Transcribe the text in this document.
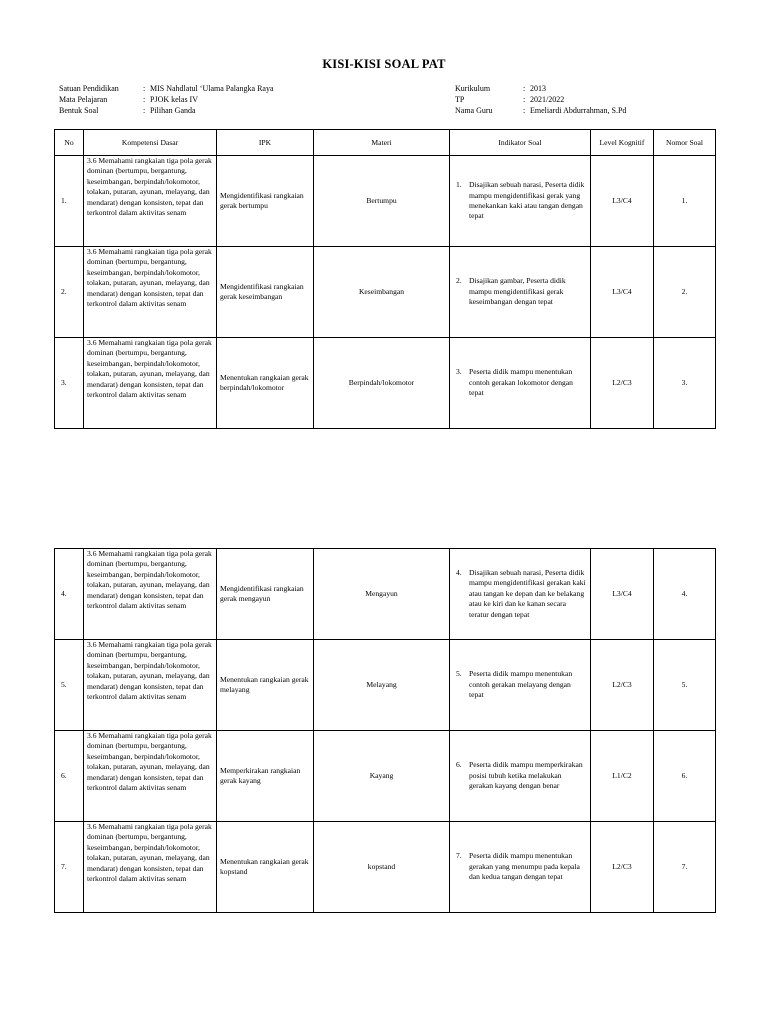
KISI-KISI SOAL PAT
Satuan Pendidikan	: MIS Nahdlatul ‘Ulama Palangka Raya
Mata Pelajaran	: PJOK kelas IV
Bentuk Soal	: Pilihan Ganda
Kurikulum	: 2013
TP	: 2021/2022
Nama Guru	: Emeliardi Abdurrahman, S.Pd
No	Kompetensi Dasar	IPK	Materi	Indikator Soal	Level Kognitif	Nomor Soal
1.	3.6 Memahami rangkaian tiga pola gerak dominan (bertumpu, bergantung, keseimbangan, berpindah/lokomotor, tolakan, putaran, ayunan, melayang, dan mendarat) dengan konsisten, tepat dan terkontrol dalam aktivitas senam	Mengidentifikasi rangkaian gerak bertumpu	Bertumpu	1. Disajikan sebuah narasi, Peserta didik mampu mengidentifikasi gerak yang menekankan kaki atau tangan dengan tepat	L3/C4	1.
2.	3.6 Memahami rangkaian tiga pola gerak dominan (bertumpu, bergantung, keseimbangan, berpindah/lokomotor, tolakan, putaran, ayunan, melayang, dan mendarat) dengan konsisten, tepat dan terkontrol dalam aktivitas senam	Mengidentifikasi rangkaian gerak keseimbangan	Keseimbangan	2. Disajikan gambar, Peserta didik mampu mengidentifikasi gerak keseimbangan dengan tepat	L3/C4	2.
3.	3.6 Memahami rangkaian tiga pola gerak dominan (bertumpu, bergantung, keseimbangan, berpindah/lokomotor, tolakan, putaran, ayunan, melayang, dan mendarat) dengan konsisten, tepat dan terkontrol dalam aktivitas senam	Menentukan rangkaian gerak berpindah/lokomotor	Berpindah/lokomotor	3. Peserta didik mampu menentukan contoh gerakan lokomotor dengan tepat	L2/C3	3.
4.	3.6 Memahami rangkaian tiga pola gerak dominan (bertumpu, bergantung, keseimbangan, berpindah/lokomotor, tolakan, putaran, ayunan, melayang, dan mendarat) dengan konsisten, tepat dan terkontrol dalam aktivitas senam	Mengidentifikasi rangkaian gerak mengayun	Mengayun	4. Disajikan sebuah narasi, Peserta didik mampu mengidentifikasi gerakan kaki atau tangan ke depan dan ke belakang atau ke kiri dan ke kanan secara teratur dengan tepat	L3/C4	4.
5.	3.6 Memahami rangkaian tiga pola gerak dominan (bertumpu, bergantung, keseimbangan, berpindah/lokomotor, tolakan, putaran, ayunan, melayang, dan mendarat) dengan konsisten, tepat dan terkontrol dalam aktivitas senam	Menentukan rangkaian gerak melayang	Melayang	5. Peserta didik mampu menentukan contoh gerakan melayang dengan tepat	L2/C3	5.
6.	3.6 Memahami rangkaian tiga pola gerak dominan (bertumpu, bergantung, keseimbangan, berpindah/lokomotor, tolakan, putaran, ayunan, melayang, dan mendarat) dengan konsisten, tepat dan terkontrol dalam aktivitas senam	Memperkirakan rangkaian gerak kayang	Kayang	6. Peserta didik mampu memperkirakan posisi tubuh ketika melakukan gerakan kayang dengan benar	L1/C2	6.
7.	3.6 Memahami rangkaian tiga pola gerak dominan (bertumpu, bergantung, keseimbangan, berpindah/lokomotor, tolakan, putaran, ayunan, melayang, dan mendarat) dengan konsisten, tepat dan terkontrol dalam aktivitas senam	Menentukan rangkaian gerak kopstand	kopstand	7. Peserta didik mampu menentukan gerakan yang menumpu pada kepala dan kedua tangan dengan tepat	L2/C3	7.
